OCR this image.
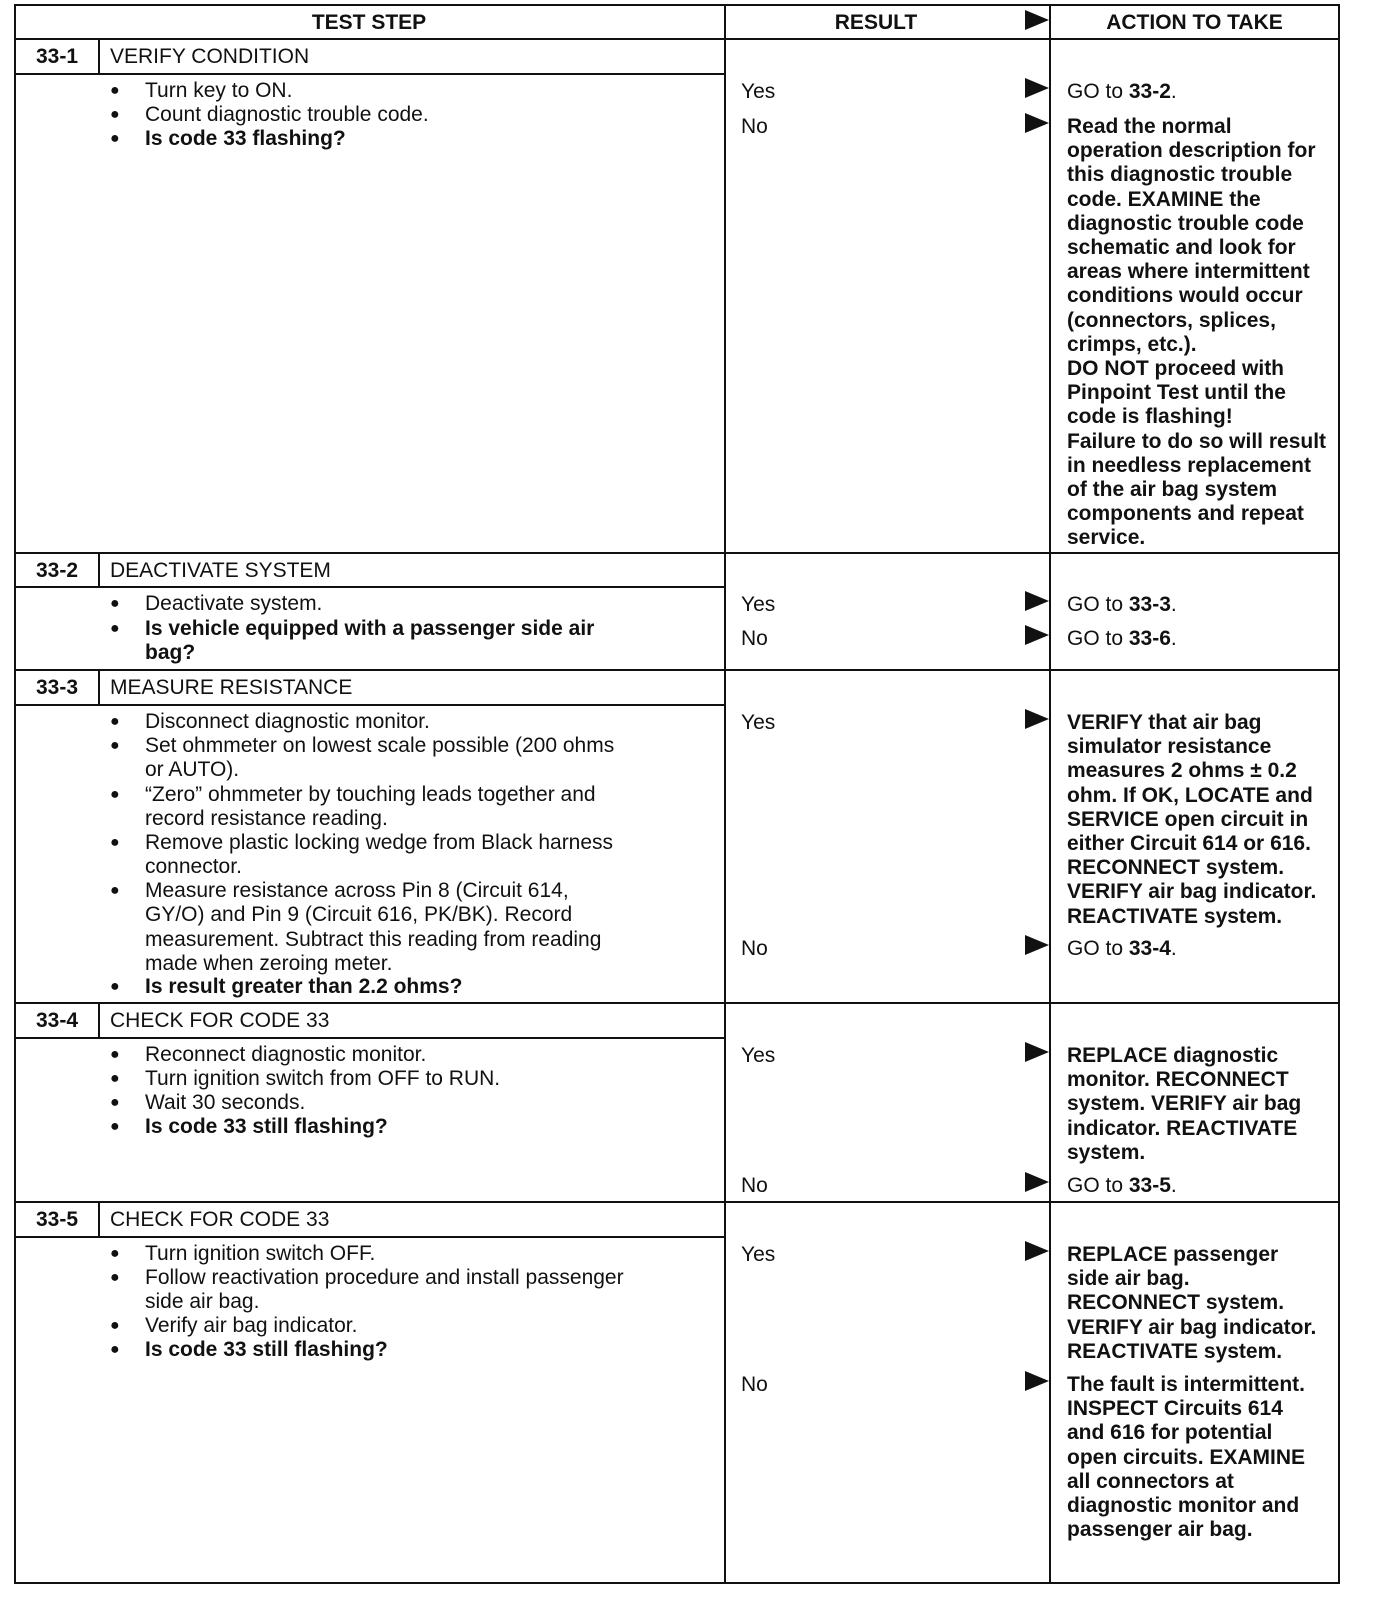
TEST STEP	RESULT	ACTION TO TAKE
33-1	VERIFY CONDITION
● Turn key to ON.
● Count diagnostic trouble code.
● Is code 33 flashing?
Yes	GO to 33-2.
No	Read the normal
operation description for
this diagnostic trouble
code. EXAMINE the
diagnostic trouble code
schematic and look for
areas where intermittent
conditions would occur
(connectors, splices,
crimps, etc.).
DO NOT proceed with
Pinpoint Test until the
code is flashing!
Failure to do so will result
in needless replacement
of the air bag system
components and repeat
service.
33-2	DEACTIVATE SYSTEM
● Deactivate system.
● Is vehicle equipped with a passenger side air
bag?
Yes	GO to 33-3.
No	GO to 33-6.
33-3	MEASURE RESISTANCE
● Disconnect diagnostic monitor.
● Set ohmmeter on lowest scale possible (200 ohms
or AUTO).
● “Zero” ohmmeter by touching leads together and
record resistance reading.
● Remove plastic locking wedge from Black harness
connector.
● Measure resistance across Pin 8 (Circuit 614,
GY/O) and Pin 9 (Circuit 616, PK/BK). Record
measurement. Subtract this reading from reading
made when zeroing meter.
● Is result greater than 2.2 ohms?
Yes	VERIFY that air bag
simulator resistance
measures 2 ohms ± 0.2
ohm. If OK, LOCATE and
SERVICE open circuit in
either Circuit 614 or 616.
RECONNECT system.
VERIFY air bag indicator.
REACTIVATE system.
No	GO to 33-4.
33-4	CHECK FOR CODE 33
● Reconnect diagnostic monitor.
● Turn ignition switch from OFF to RUN.
● Wait 30 seconds.
● Is code 33 still flashing?
Yes	REPLACE diagnostic
monitor. RECONNECT
system. VERIFY air bag
indicator. REACTIVATE
system.
No	GO to 33-5.
33-5	CHECK FOR CODE 33
● Turn ignition switch OFF.
● Follow reactivation procedure and install passenger
side air bag.
● Verify air bag indicator.
● Is code 33 still flashing?
Yes	REPLACE passenger
side air bag.
RECONNECT system.
VERIFY air bag indicator.
REACTIVATE system.
No	The fault is intermittent.
INSPECT Circuits 614
and 616 for potential
open circuits. EXAMINE
all connectors at
diagnostic monitor and
passenger air bag.
